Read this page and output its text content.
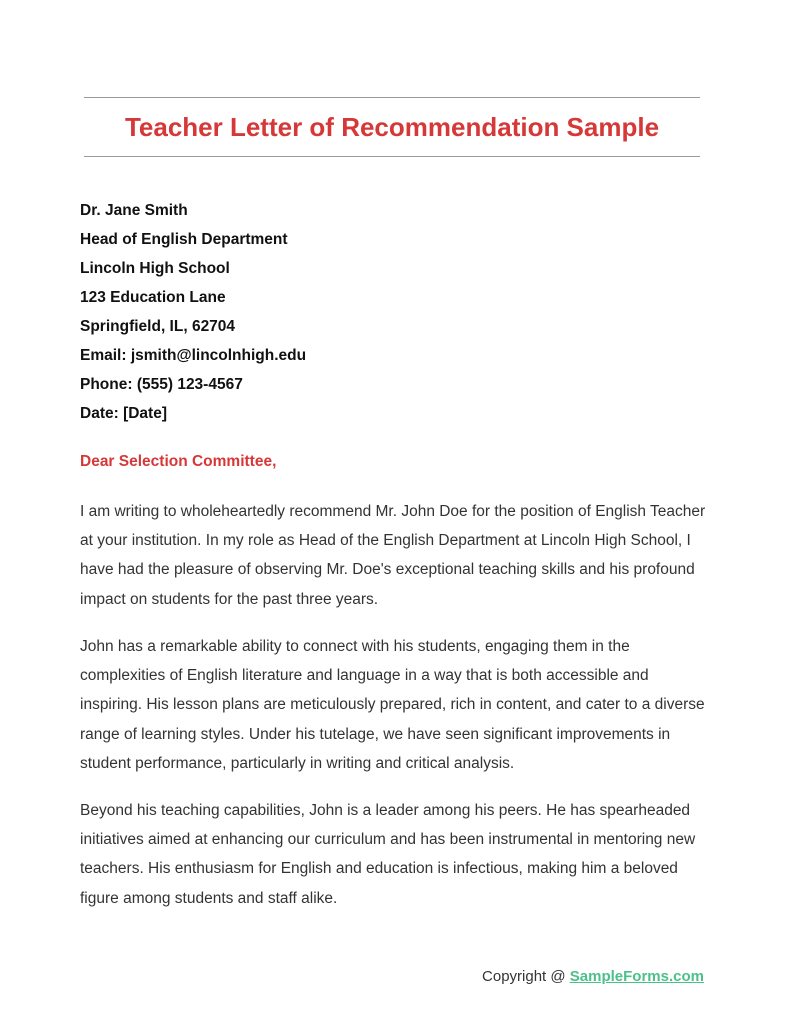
Teacher Letter of Recommendation Sample
Dr. Jane Smith
Head of English Department
Lincoln High School
123 Education Lane
Springfield, IL, 62704
Email: jsmith@lincolnhigh.edu
Phone: (555) 123-4567
Date: [Date]
Dear Selection Committee,

I am writing to wholeheartedly recommend Mr. John Doe for the position of English Teacher at your institution. In my role as Head of the English Department at Lincoln High School, I have had the pleasure of observing Mr. Doe's exceptional teaching skills and his profound impact on students for the past three years.

John has a remarkable ability to connect with his students, engaging them in the complexities of English literature and language in a way that is both accessible and inspiring. His lesson plans are meticulously prepared, rich in content, and cater to a diverse range of learning styles. Under his tutelage, we have seen significant improvements in student performance, particularly in writing and critical analysis.

Beyond his teaching capabilities, John is a leader among his peers. He has spearheaded initiatives aimed at enhancing our curriculum and has been instrumental in mentoring new teachers. His enthusiasm for English and education is infectious, making him a beloved figure among students and staff alike.

Copyright @ SampleForms.com
